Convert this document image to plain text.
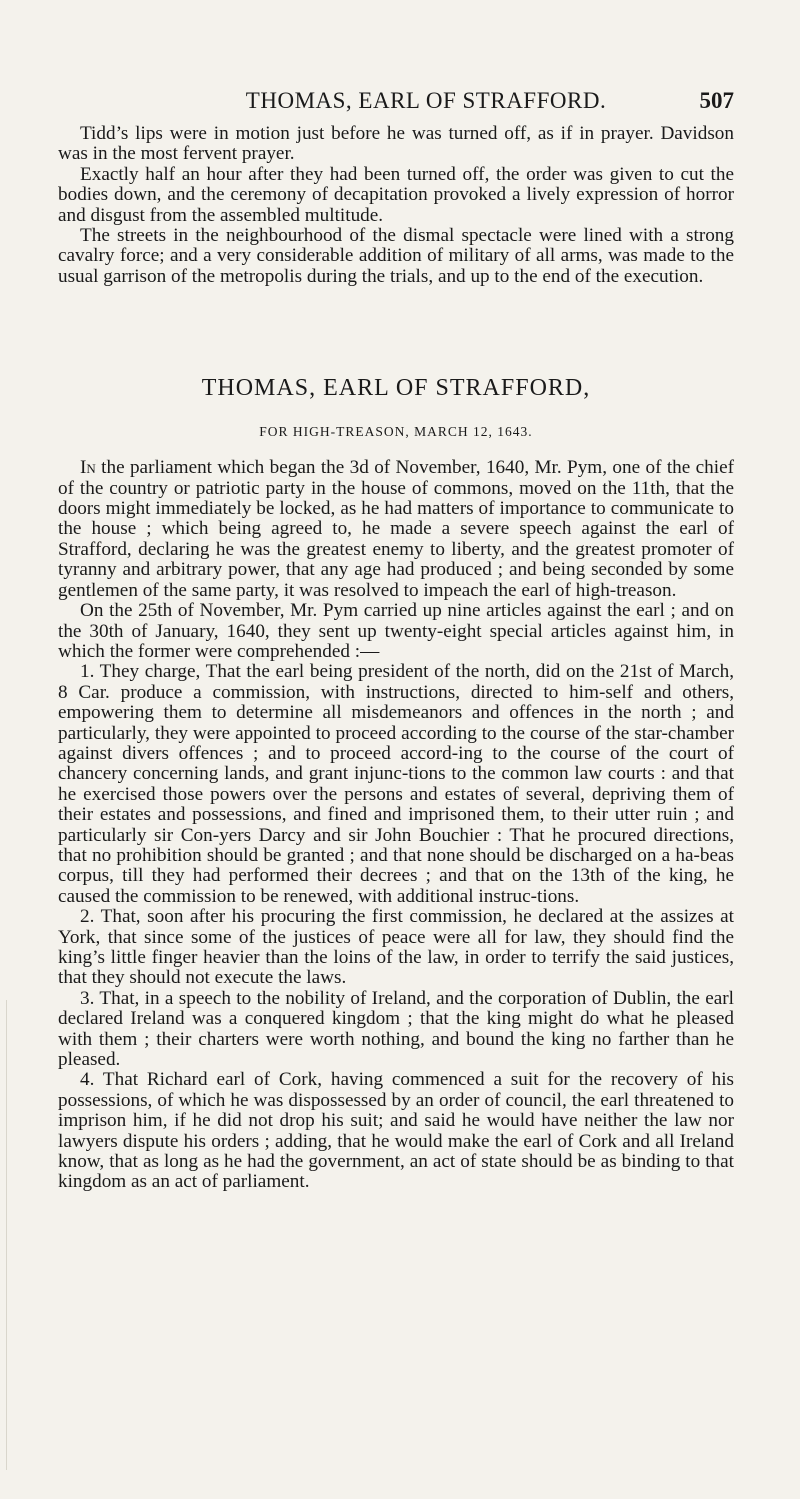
THOMAS, EARL OF STRAFFORD.	507

Tidd’s lips were in motion just before he was turned off, as if in prayer. Davidson was in the most fervent prayer.

Exactly half an hour after they had been turned off, the order was given to cut the bodies down, and the ceremony of decapitation provoked a lively expression of horror and disgust from the assembled multitude.

The streets in the neighbourhood of the dismal spectacle were lined with a strong cavalry force; and a very considerable addition of military of all arms, was made to the usual garrison of the metropolis during the trials, and up to the end of the execution.

THOMAS, EARL OF STRAFFORD,
FOR HIGH-TREASON, MARCH 12, 1643.

In the parliament which began the 3d of November, 1640, Mr. Pym, one of the chief of the country or patriotic party in the house of commons, moved on the 11th, that the doors might immediately be locked, as he had matters of importance to communicate to the house ; which being agreed to, he made a severe speech against the earl of Strafford, declaring he was the greatest enemy to liberty, and the greatest promoter of tyranny and arbitrary power, that any age had produced ; and being seconded by some gentlemen of the same party, it was resolved to impeach the earl of high-treason.

On the 25th of November, Mr. Pym carried up nine articles against the earl ; and on the 30th of January, 1640, they sent up twenty-eight special articles against him, in which the former were comprehended :—

1. They charge, That the earl being president of the north, did on the 21st of March, 8 Car. produce a commission, with instructions, directed to him-self and others, empowering them to determine all misdemeanors and offences in the north ; and particularly, they were appointed to proceed according to the course of the star-chamber against divers offences ; and to proceed accord-ing to the course of the court of chancery concerning lands, and grant injunc-tions to the common law courts : and that he exercised those powers over the persons and estates of several, depriving them of their estates and possessions, and fined and imprisoned them, to their utter ruin ; and particularly sir Con-yers Darcy and sir John Bouchier : That he procured directions, that no prohibition should be granted ; and that none should be discharged on a ha-beas corpus, till they had performed their decrees ; and that on the 13th of the king, he caused the commission to be renewed, with additional instruc-tions.

2. That, soon after his procuring the first commission, he declared at the assizes at York, that since some of the justices of peace were all for law, they should find the king’s little finger heavier than the loins of the law, in order to terrify the said justices, that they should not execute the laws.

3. That, in a speech to the nobility of Ireland, and the corporation of Dublin, the earl declared Ireland was a conquered kingdom ; that the king might do what he pleased with them ; their charters were worth nothing, and bound the king no farther than he pleased.

4. That Richard earl of Cork, having commenced a suit for the recovery of his possessions, of which he was dispossessed by an order of council, the earl threatened to imprison him, if he did not drop his suit; and said he would have neither the law nor lawyers dispute his orders ; adding, that he would make the earl of Cork and all Ireland know, that as long as he had the government, an act of state should be as binding to that kingdom as an act of parliament.
